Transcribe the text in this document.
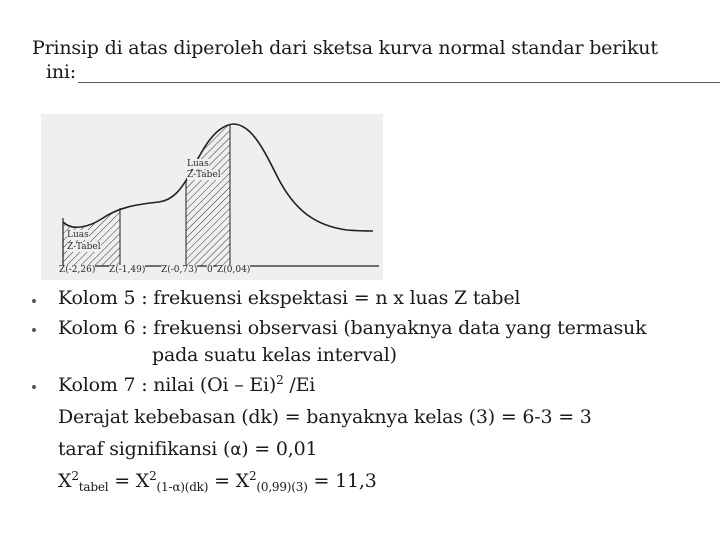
Prinsip di atas diperoleh dari sketsa kurva normal standar berikut
ini:
Luas
Z-Tabel
Luas
Z-Tabel
Z(-2,26) Z(-1,49) Z(-0,73) 0 Z(0,04)
Kolom 5 : frekuensi ekspektasi = n x luas Z tabel
Kolom 6 : frekuensi observasi (banyaknya data yang termasuk
pada suatu kelas interval)
Kolom 7 : nilai (Oi – Ei)$^2$ /Ei
Derajat kebebasan (dk) = banyaknya kelas (3) = 6-3 = 3
taraf signifikansi (α) = 0,01
$X^2_{tabel} = X^2_{(1-\alpha)(dk)} = X^2_{(0,99)(3)} = 11,3$
